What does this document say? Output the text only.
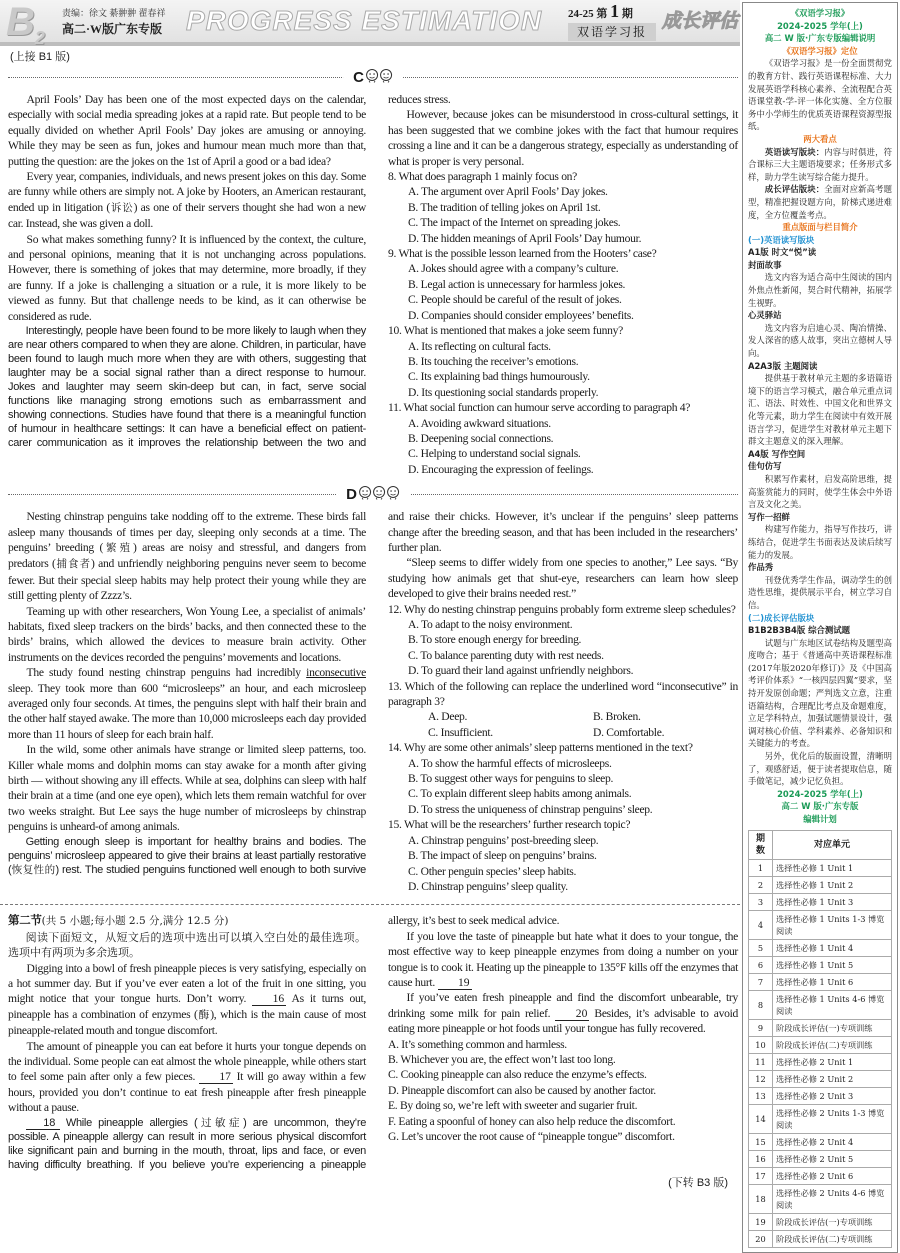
$B_2$
责编：徐文 綦翀翀 翟春祥
高二·W版广东专版 PROGRESS ESTIMATION 24-25 第 1 期
双语学习报 成长评估
(上接 B1 版)
C

April Fools’ Day has been one of the most expected days on the calendar, especially with social media spreading jokes at a rapid rate. But people tend to be equally divided on whether April Fools’ Day jokes are amusing or annoying. While they may be seen as fun, jokes and humour mean much more than that, putting the question: are the jokes on the 1st of April a good or a bad idea?

Every year, companies, individuals, and news present jokes on this day. Some are funny while others are simply not. A joke by Hooters, an American restaurant, ended up in litigation (诉讼) as one of their servers thought she had won a new car. Instead, she was given a doll.

So what makes something funny? It is influenced by the context, the culture, and personal opinions, meaning that it is not unchanging across populations. However, there is something of jokes that may determine, more broadly, if they are funny. If a joke is challenging a situation or a rule, it is more likely to be viewed as funny. But that challenge needs to be kind, as it can otherwise be considered as rude.

Interestingly, people have been found to be more likely to laugh when they are near others compared to when they are alone. Children, in particular, have been found to laugh much more when they are with others, suggesting that laughter may be a social signal rather than a direct response to humour. Jokes and laughter may seem skin-deep but can, in fact, serve social functions like managing strong emotions such as embarrassment and showing connections. Studies have found that there is a meaningful function of humour in healthcare settings: It can have a beneficial effect on patient-carer communication as it improves the relationship between the two and

reduces stress.

However, because jokes can be misunderstood in cross-cultural settings, it has been suggested that we combine jokes with the fact that humour requires crossing a line and it can be a dangerous strategy, especially as understanding of what is proper is very personal.

8. What does paragraph 1 mainly focus on?
A. The argument over April Fools’ Day jokes.
B. The tradition of telling jokes on April 1st.
C. The impact of the Internet on spreading jokes.
D. The hidden meanings of April Fools’ Day humour.
9. What is the possible lesson learned from the Hooters’ case?
A. Jokes should agree with a company’s culture.
B. Legal action is unnecessary for harmless jokes.
C. People should be careful of the result of jokes.
D. Companies should consider employees’ benefits.
10. What is mentioned that makes a joke seem funny?
A. Its reflecting on cultural facts.
B. Its touching the receiver’s emotions.
C. Its explaining bad things humourously.
D. Its questioning social standards properly.
11. What social function can humour serve according to paragraph 4?
A. Avoiding awkward situations.
B. Deepening social connections.
C. Helping to understand social signals.
D. Encouraging the expression of feelings.
D

Nesting chinstrap penguins take nodding off to the extreme. These birds fall asleep many thousands of times per day, sleeping only seconds at a time. The penguins’ breeding (繁殖) areas are noisy and stressful, and dangers from predators (捕食者) and unfriendly neighboring penguins never seem to become fewer. But their special sleep habits may help protect their young while they are still getting plenty of Zzzz’s.

Teaming up with other researchers, Won Young Lee, a specialist of animals’ habitats, fixed sleep trackers on the birds’ backs, and then connected these to the birds’ brains, which allowed the devices to measure brain activity. Other instruments on the devices recorded the penguins’ movements and locations.

The study found nesting chinstrap penguins had incredibly inconsecutive sleep. They took more than 600 “microsleeps” an hour, and each microsleep averaged only four seconds. At times, the penguins slept with half their brain and the other half stayed awake. The more than 10,000 microsleeps each day provided more than 11 hours of sleep for each brain half.

In the wild, some other animals have strange or limited sleep patterns, too. Killer whale moms and dolphin moms can stay awake for a month after giving birth — without showing any ill effects. While at sea, dolphins can sleep with half their brain at a time (and one eye open), which lets them remain watchful for over two weeks straight. But Lee says the huge number of microsleeps by chinstrap penguins is unheard-of among animals.

Getting enough sleep is important for healthy brains and bodies. The penguins’ microsleep appeared to give their brains at least partially restorative (恢复性的) rest. The studied penguins functioned well enough to both survive

and raise their chicks. However, it’s unclear if the penguins’ sleep patterns change after the breeding season, and that has been included in the researchers’ further plan.

“Sleep seems to differ widely from one species to another,” Lee says. “By studying how animals get that shut-eye, researchers can learn how sleep developed to give their brains needed rest.”

12. Why do nesting chinstrap penguins probably form extreme sleep schedules?
A. To adapt to the noisy environment.
B. To store enough energy for breeding.
C. To balance parenting duty with rest needs.
D. To guard their land against unfriendly neighbors.
13. Which of the following can replace the underlined word “inconsecutive” in paragraph 3?
A. Deep.	B. Broken.
C. Insufficient.	D. Comfortable.
14. Why are some other animals’ sleep patterns mentioned in the text?
A. To show the harmful effects of microsleeps.
B. To suggest other ways for penguins to sleep.
C. To explain different sleep habits among animals.
D. To stress the uniqueness of chinstrap penguins’ sleep.
15. What will be the researchers’ further research topic?
A. Chinstrap penguins’ post-breeding sleep.
B. The impact of sleep on penguins’ brains.
C. Other penguin species’ sleep habits.
D. Chinstrap penguins’ sleep quality.
第二节(共 5 小题;每小题 2.5 分,满分 12.5 分)

阅读下面短文，从短文后的选项中选出可以填入空白处的最佳选项。选项中有两项为多余选项。

Digging into a bowl of fresh pineapple pieces is very satisfying, especially on a hot summer day. But if you’ve ever eaten a lot of the fruit in one sitting, you might notice that your tongue hurts. Don’t worry. 16 As it turns out, pineapple has a combination of enzymes (酶), which is the main cause of most pineapple-related mouth and tongue discomfort.

The amount of pineapple you can eat before it hurts your tongue depends on the individual. Some people can eat almost the whole pineapple, while others start to feel some pain after only a few pieces. 17 It will go away within a few hours, provided you don’t continue to eat fresh pineapple after fresh pineapple without a pause.

18 While pineapple allergies (过敏症) are uncommon, they’re possible. A pineapple allergy can result in more serious physical discomfort like significant pain and burning in the mouth, throat, lips and face, or even having difficulty breathing. If you believe you’re experiencing a pineapple

allergy, it’s best to seek medical advice.

If you love the taste of pineapple but hate what it does to your tongue, the most effective way to keep pineapple enzymes from doing a number on your tongue is to cook it. Heating up the pineapple to 135°F kills off the enzymes that cause hurt. 19

If you’ve eaten fresh pineapple and find the discomfort unbearable, try drinking some milk for pain relief. 20 Besides, it’s advisable to avoid eating more pineapple or hot foods until your tongue has fully recovered.

A. It’s something common and harmless.
B. Whichever you are, the effect won’t last too long.
C. Cooking pineapple can also reduce the enzyme’s effects.
D. Pineapple discomfort can also be caused by another factor.
E. By doing so, we’re left with sweeter and sugarier fruit.
F. Eating a spoonful of honey can also help reduce the discomfort.
G. Let’s uncover the root cause of “pineapple tongue” discomfort.
(下转 B3 版)
《双语学习报》
2024-2025 学年(上)
高二 W 版·广东专版编辑说明
《双语学习报》定位
《双语学习报》是一份全面贯彻党的教育方针、践行英语课程标准、大力发展英语学科核心素养、全流程配合英语课堂教-学-评一体化实施、全方位服务中小学师生的优质英语课程资源型报纸。
两大看点
英语读写版块：内容与时俱进，符合课标三大主题语境要求；任务形式多样，助力学生读写综合能力提升。
成长评估版块：全面对应新高考题型，精准把握设题方向，阶梯式递进难度，全方位覆盖考点。
重点版面与栏目简介
(一)英语读写版块
A1版 时文“悦”读
封面故事
选文内容为适合高中生阅读的国内外焦点性新闻，契合时代精神，拓展学生视野。
心灵驿站
选文内容为启迪心灵、陶冶情操、发人深省的感人故事，突出立德树人导向。
A2A3版 主题阅读
提供基于教材单元主题的多语篇语境下的语言学习模式，融合单元重点词汇、语法、时效性、中国文化和世界文化等元素，助力学生在阅读中有效开展语言学习，促进学生对教材单元主题下群文主题意义的深入理解。
A4版 写作空间
佳句仿写
积累写作素材，启发高阶思维，提高鉴赏能力的同时，使学生体会中外语言及文化之美。
写作一招鲜
构建写作能力，指导写作技巧，讲练结合，促进学生书面表达及读后续写能力的发展。
作品秀
刊登优秀学生作品，调动学生的创造性思维，提供展示平台，树立学习自信。
(二)成长评估版块
B1B2B3B4版 综合测试题
试题与广东地区试卷结构及题型高度吻合；基于《普通高中英语课程标准(2017年版2020年修订)》及《中国高考评价体系》“一核四层四翼”要求，坚持开发原创命题；严判选文立意，注重语篇结构，合理配比考点及命题难度，立足学科特点，加强试题情景设计，强调对核心价值、学科素养、必备知识和关键能力的考查。
另外，优化后的版面设置，清晰明了，观感舒适，便于读者提取信息，随手做笔记，减少记忆负担。
2024-2025 学年(上)
高二 W 版·广东专版
编辑计划
期数	对应单元
1	选择性必修 1 Unit 1
2	选择性必修 1 Unit 2
3	选择性必修 1 Unit 3
4	选择性必修 1 Units 1-3 博览阅读
5	选择性必修 1 Unit 4
6	选择性必修 1 Unit 5
7	选择性必修 1 Unit 6
8	选择性必修 1 Units 4-6 博览阅读
9	阶段成长评估(一)专项训练
10	阶段成长评估(二)专项训练
11	选择性必修 2 Unit 1
12	选择性必修 2 Unit 2
13	选择性必修 2 Unit 3
14	选择性必修 2 Units 1-3 博览阅读
15	选择性必修 2 Unit 4
16	选择性必修 2 Unit 5
17	选择性必修 2 Unit 6
18	选择性必修 2 Units 4-6 博览阅读
19	阶段成长评估(一)专项训练
20	阶段成长评估(二)专项训练
